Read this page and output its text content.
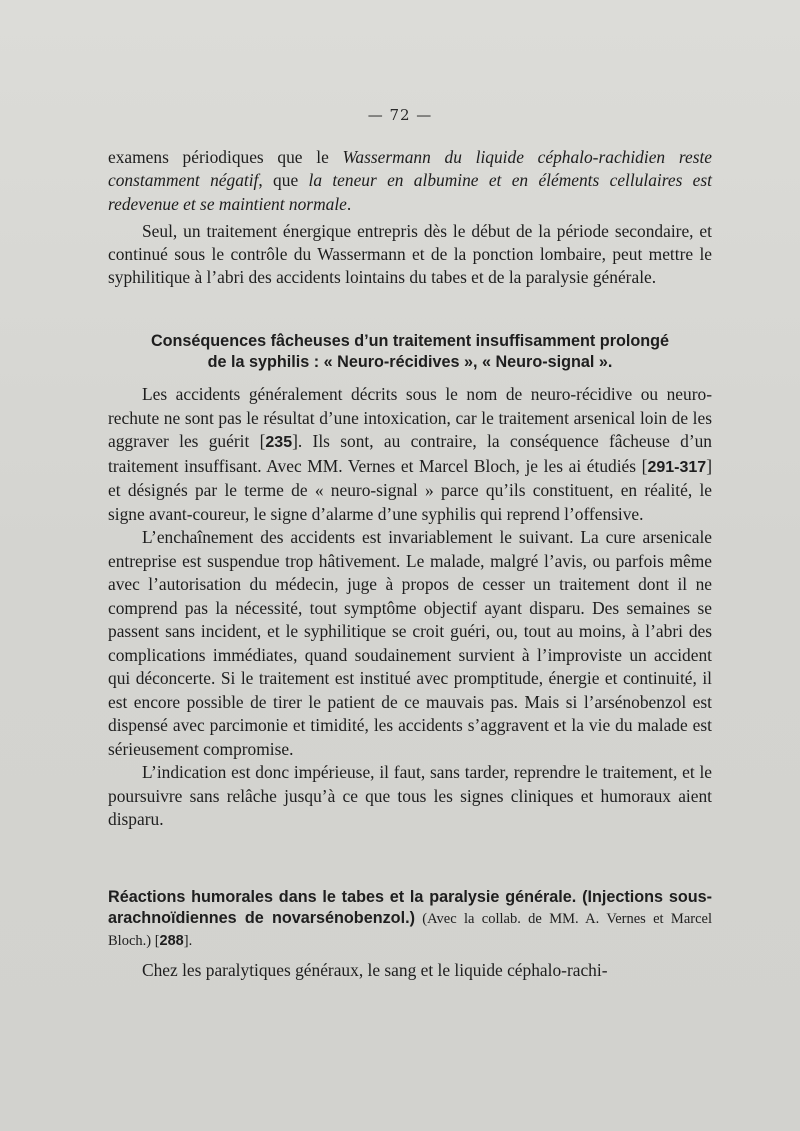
— 72 —

examens périodiques que le Wassermann du liquide céphalo-rachidien reste constamment négatif, que la teneur en albumine et en éléments cellulaires est redevenue et se maintient normale.

Seul, un traitement énergique entrepris dès le début de la période secondaire, et continué sous le contrôle du Wassermann et de la ponction lombaire, peut mettre le syphilitique à l’abri des accidents lointains du tabes et de la paralysie générale.

Conséquences fâcheuses d’un traitement insuffisamment prolongé

de la syphilis : « Neuro-récidives », « Neuro-signal ».

Les accidents généralement décrits sous le nom de neuro-récidive ou neuro-rechute ne sont pas le résultat d’une intoxication, car le traitement arsenical loin de les aggraver les guérit [235]. Ils sont, au contraire, la conséquence fâcheuse d’un traitement insuffisant. Avec MM. Vernes et Marcel Bloch, je les ai étudiés [291-317] et désignés par le terme de « neuro-signal » parce qu’ils constituent, en réalité, le signe avant-coureur, le signe d’alarme d’une syphilis qui reprend l’offensive.

L’enchaînement des accidents est invariablement le suivant. La cure arsenicale entreprise est suspendue trop hâtivement. Le malade, malgré l’avis, ou parfois même avec l’autorisation du médecin, juge à propos de cesser un traitement dont il ne comprend pas la nécessité, tout symptôme objectif ayant disparu. Des semaines se passent sans incident, et le syphilitique se croit guéri, ou, tout au moins, à l’abri des complications immédiates, quand soudainement survient à l’improviste un accident qui déconcerte. Si le traitement est institué avec promptitude, énergie et continuité, il est encore possible de tirer le patient de ce mauvais pas. Mais si l’arsénobenzol est dispensé avec parcimonie et timidité, les accidents s’aggravent et la vie du malade est sérieusement compromise.

L’indication est donc impérieuse, il faut, sans tarder, reprendre le traitement, et le poursuivre sans relâche jusqu’à ce que tous les signes cliniques et humoraux aient disparu.

Réactions humorales dans le tabes et la paralysie générale. (Injections sous-arachnoïdiennes de novarsénobenzol.) (Avec la collab. de MM. A. Vernes et Marcel Bloch.) [288].

Chez les paralytiques généraux, le sang et le liquide céphalo-rachi-
